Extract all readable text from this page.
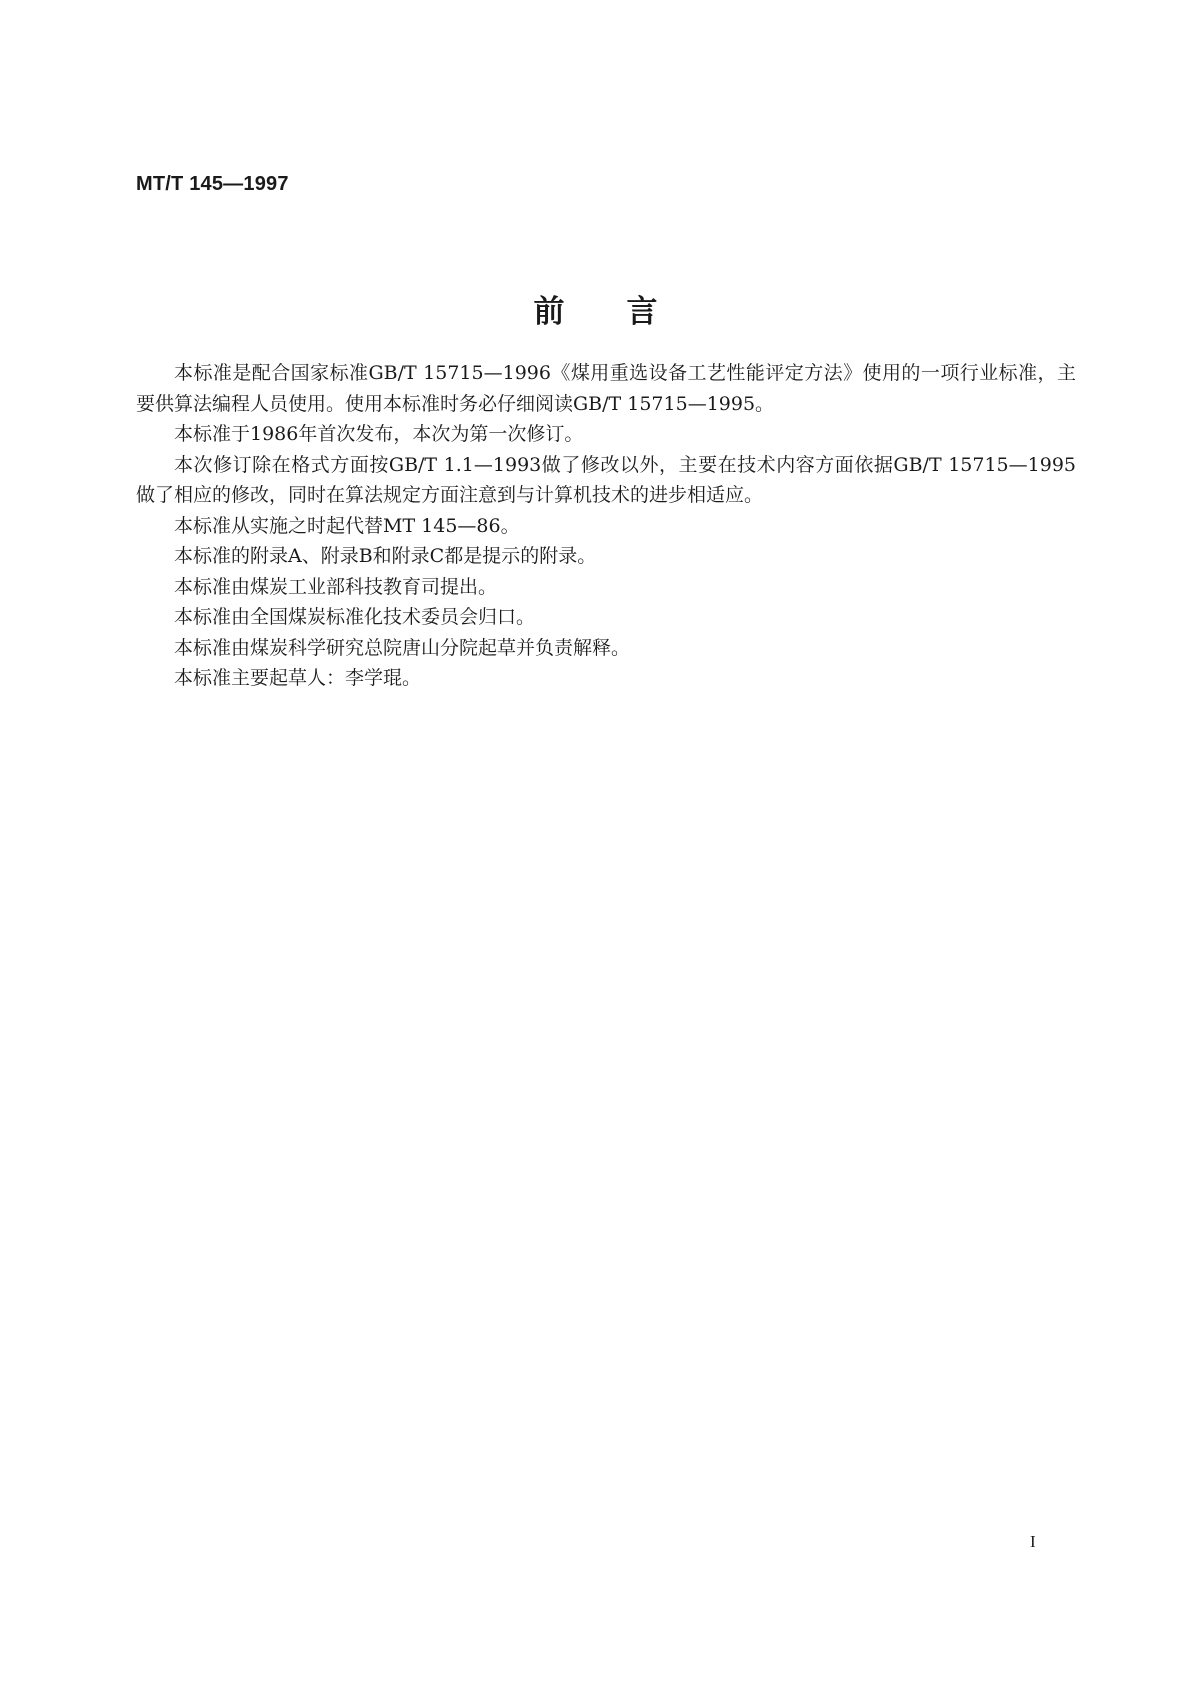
MT/T 145—1997
前言

本标准是配合国家标准GB/T 15715—1996《煤用重选设备工艺性能评定方法》使用的一项行业标准，主要供算法编程人员使用。使用本标准时务必仔细阅读GB/T 15715—1995。

本标准于1986年首次发布，本次为第一次修订。

本次修订除在格式方面按GB/T 1.1—1993做了修改以外，主要在技术内容方面依据GB/T 15715—1995做了相应的修改，同时在算法规定方面注意到与计算机技术的进步相适应。

本标准从实施之时起代替MT 145—86。

本标准的附录A、附录B和附录C都是提示的附录。

本标准由煤炭工业部科技教育司提出。

本标准由全国煤炭标准化技术委员会归口。

本标准由煤炭科学研究总院唐山分院起草并负责解释。

本标准主要起草人：李学琨。

I
